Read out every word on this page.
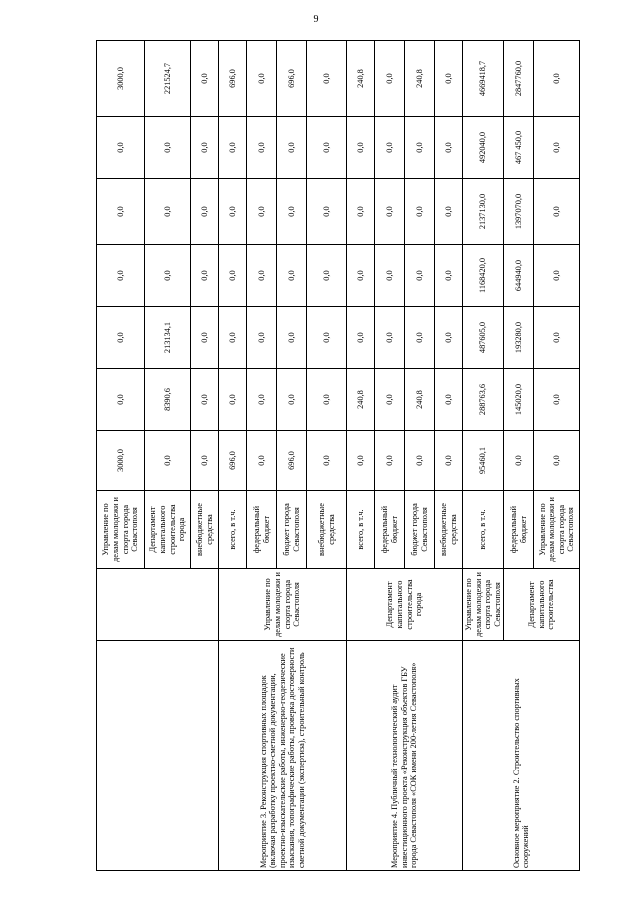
9
		Управление по делам молодежи и спорта города Севастополя	3000,0	0,0	0,0	0,0	0,0	0,0	3000,0
		Департамент капитального строительства города	0,0	8390,6	213134,1	0,0	0,0	0,0	221524,7
		внебюджетные средства	0,0	0,0	0,0	0,0	0,0	0,0	0,0
Мероприятие 3. Реконструкция спортивных площадок (включая разработку проектно-сметной документации, проектно-изыскательские работы, инженерно-геодезические изыскания, топографические работы, проверка достоверности сметной документации (экспертиза), строительный контроль	Управление по делам молодежи и спорта города Севастополя	всего, в т.ч.	696,0	0,0	0,0	0,0	0,0	0,0	696,0
		федеральный бюджет	0,0	0,0	0,0	0,0	0,0	0,0	0,0
		бюджет города Севастополя	696,0	0,0	0,0	0,0	0,0	0,0	696,0
		внебюджетные средства	0,0	0,0	0,0	0,0	0,0	0,0	0,0
Мероприятие 4. Публичный технологический аудит инвестиционного проекта «Реконструкция объектов ГБУ города Севастополя «СОК имени 200-летия Севастополя»	Департамент капитального строительства города	всего, в т.ч.	0,0	240,8	0,0	0,0	0,0	0,0	240,8
		федеральный бюджет	0,0	0,0	0,0	0,0	0,0	0,0	0,0
		бюджет города Севастополя	0,0	240,8	0,0	0,0	0,0	0,0	240,8
		внебюджетные средства	0,0	0,0	0,0	0,0	0,0	0,0	0,0
Основное мероприятие 2. Строительство спортивных сооружений	Управление по делам молодежи и спорта города Севастополя	всего, в т.ч.	95460,1	288763,6	487605,0	1168420,0	2137130,0	492040,0	4669418,7
	Департамент капитального строительства	федеральный бюджет	0,0	145020,0	193280,0	644940,0	1397070,0	467 450,0	2847760,0
		Управление по делам молодежи и спорта города Севастополя	0,0	0,0	0,0	0,0	0,0	0,0	0,0
